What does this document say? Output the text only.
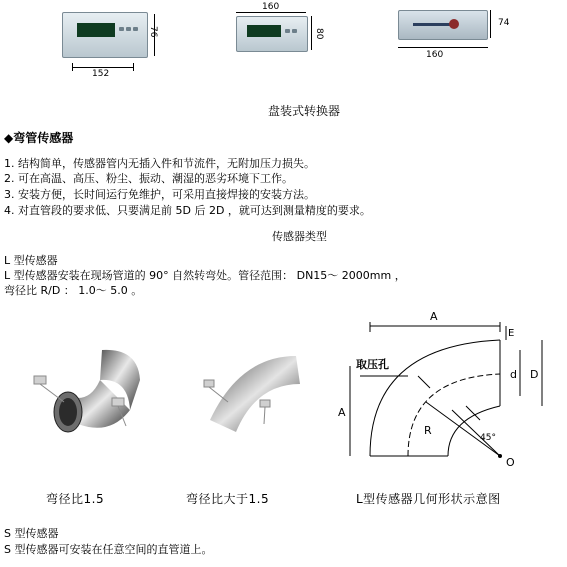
152
76
160
80
74
160
盘装式转换器
◆弯管传感器
1. 结构简单，传感器管内无插入件和节流件，无附加压力损失。
2. 可在高温、高压、粉尘、振动、潮湿的恶劣环境下工作。
3. 安装方便，长时间运行免维护，可采用直接焊接的安装方法。
4. 对直管段的要求低、只要满足前 5D 后 2D ，就可达到测量精度的要求。
传感器类型
L 型传感器
L 型传感器安装在现场管道的 90° 自然转弯处。管径范围： DN15～ 2000mm ，
弯径比 R/D ： 1.0～ 5.0 。
A
E
d D
A
R
45°
O
取压孔
弯径比1.5	弯径比大于1.5	L型传感器几何形状示意图
S 型传感器
S 型传感器可安装在任意空间的直管道上。
